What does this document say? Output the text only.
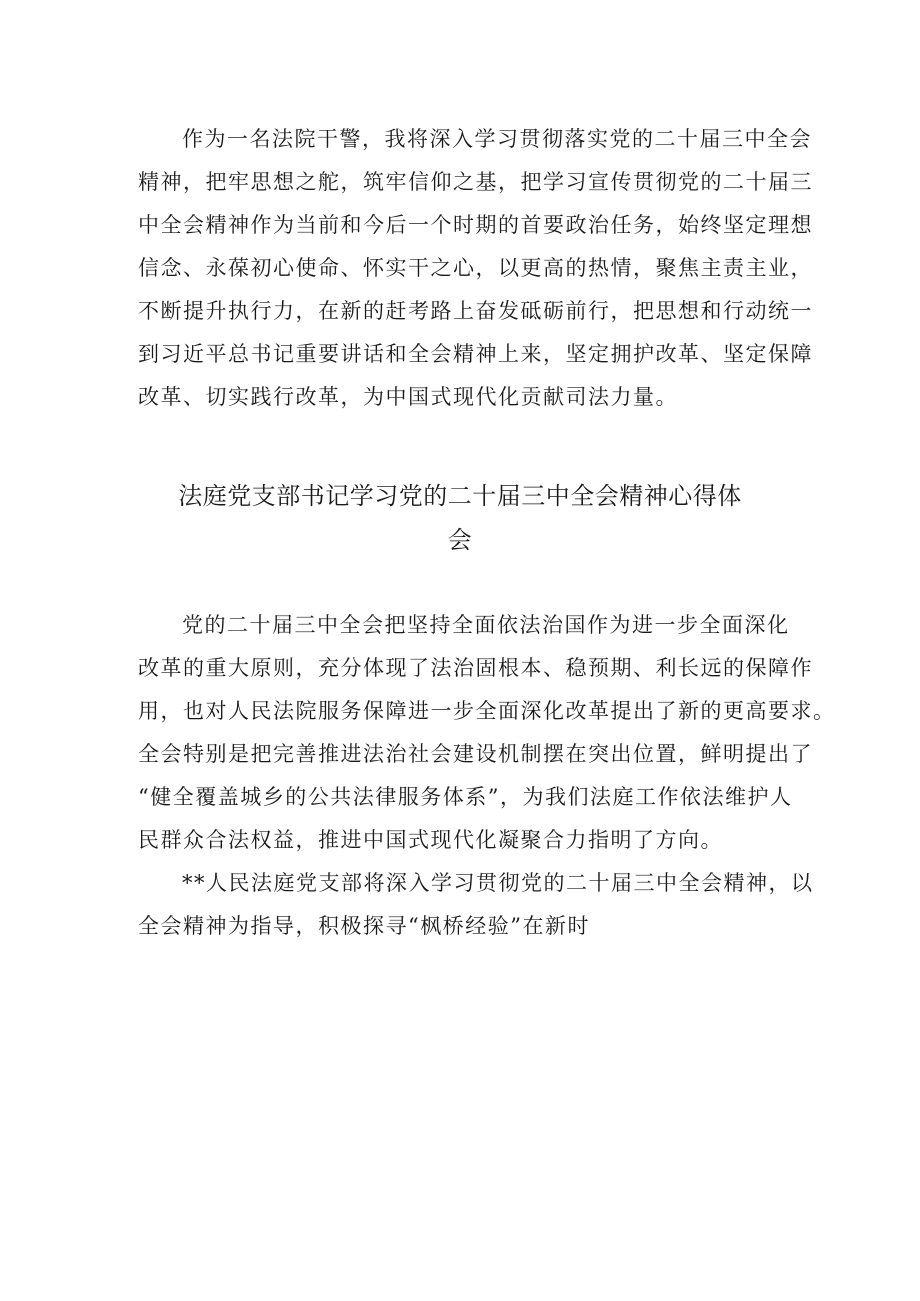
作为一名法院干警，我将深入学习贯彻落实党的二十届三中全会
精神，把牢思想之舵，筑牢信仰之基，把学习宣传贯彻党的二十届三
中全会精神作为当前和今后一个时期的首要政治任务，始终坚定理想
信念、永葆初心使命、怀实干之心，以更高的热情，聚焦主责主业，
不断提升执行力，在新的赶考路上奋发砥砺前行，把思想和行动统一
到习近平总书记重要讲话和全会精神上来，坚定拥护改革、坚定保障
改革、切实践行改革，为中国式现代化贡献司法力量。
法庭党支部书记学习党的二十届三中全会精神心得体
会
党的二十届三中全会把坚持全面依法治国作为进一步全面深化
改革的重大原则，充分体现了法治固根本、稳预期、利长远的保障作
用，也对人民法院服务保障进一步全面深化改革提出了新的更高要求。
全会特别是把完善推进法治社会建设机制摆在突出位置，鲜明提出了
“健全覆盖城乡的公共法律服务体系”，为我们法庭工作依法维护人
民群众合法权益，推进中国式现代化凝聚合力指明了方向。
**人民法庭党支部将深入学习贯彻党的二十届三中全会精神，以
全会精神为指导，积极探寻“枫桥经验”在新时
